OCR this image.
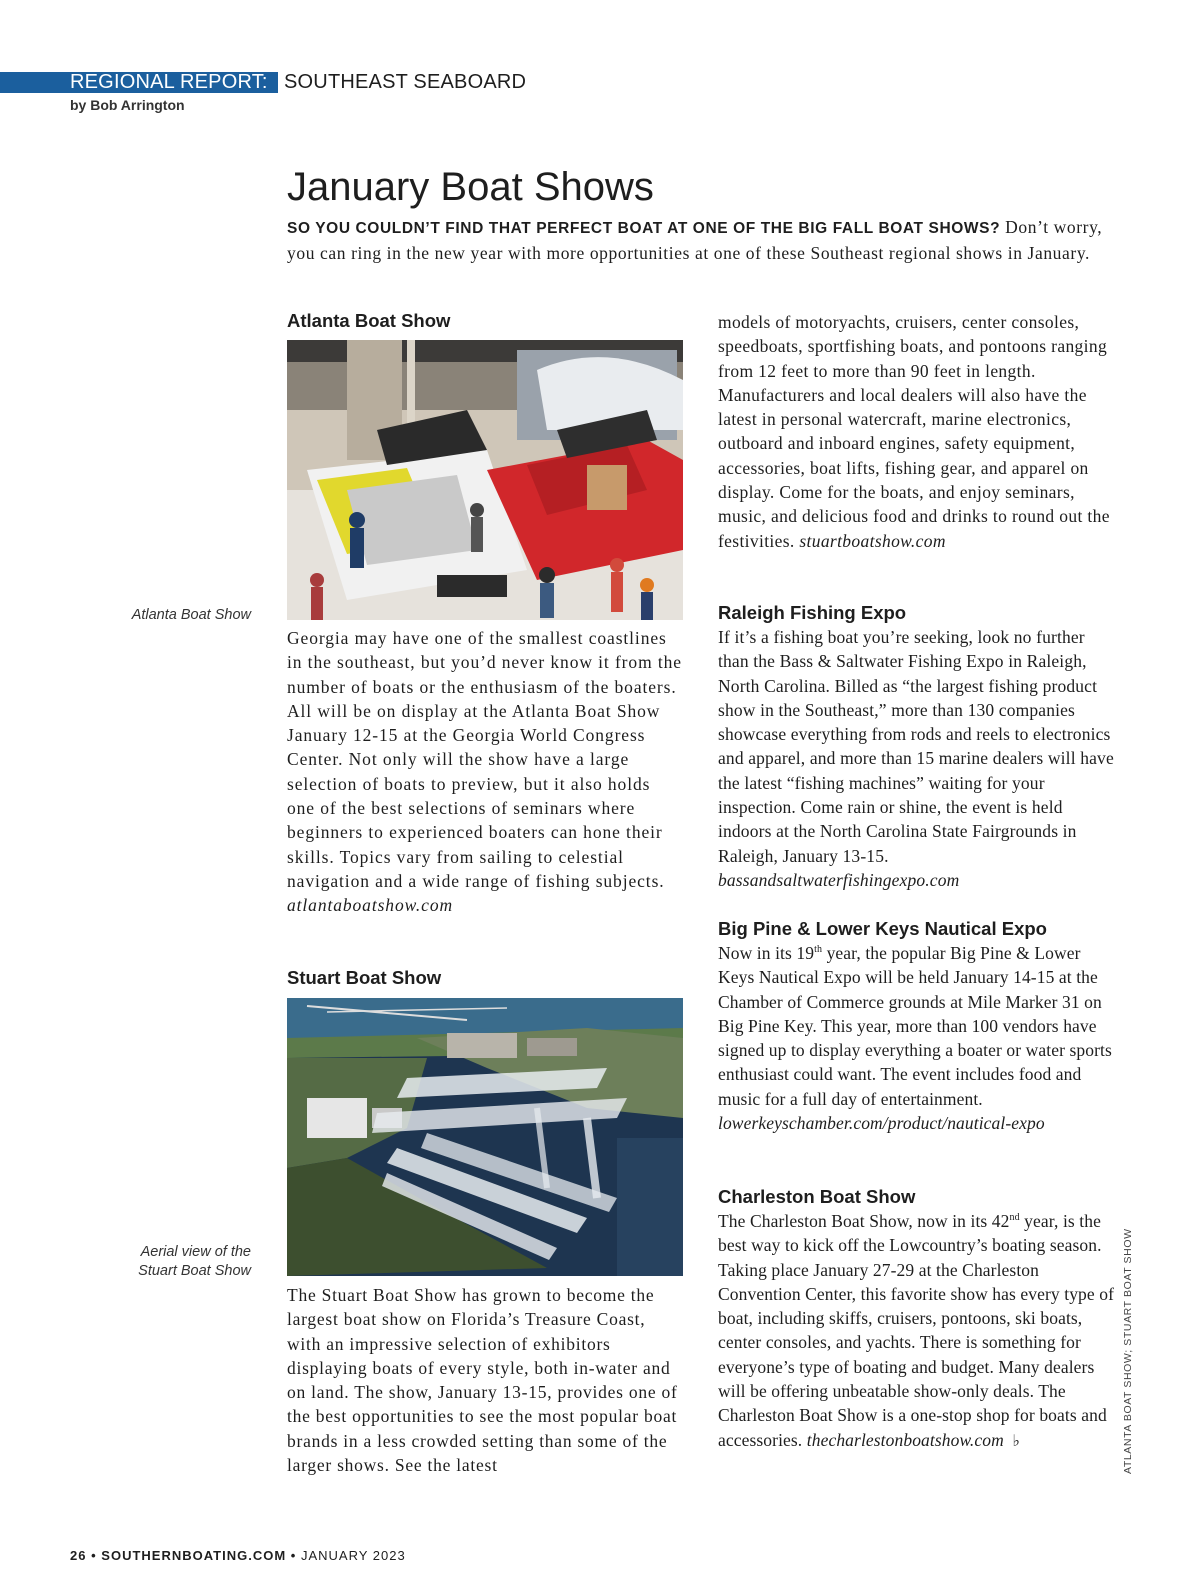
REGIONAL REPORT: SOUTHEAST SEABOARD
by Bob Arrington
January Boat Shows
SO YOU COULDN’T FIND THAT PERFECT BOAT AT ONE OF THE BIG FALL BOAT SHOWS? Don’t worry, you can ring in the new year with more opportunities at one of these Southeast regional shows in January.

Atlanta Boat Show

Atlanta Boat Show

Georgia may have one of the smallest coastlines in the southeast, but you’d never know it from the number of boats or the enthusiasm of the boaters. All will be on display at the Atlanta Boat Show January 12-15 at the Georgia World Congress Center. Not only will the show have a large selection of boats to preview, but it also holds one of the best selections of seminars where beginners to experienced boaters can hone their skills. Topics vary from sailing to celestial navigation and a wide range of fishing subjects. atlantaboatshow.com

Stuart Boat Show

Aerial view of the
Stuart Boat Show

The Stuart Boat Show has grown to become the largest boat show on Florida’s Treasure Coast, with an impressive selection of exhibitors displaying boats of every style, both in-water and on land. The show, January 13-15, provides one of the best opportunities to see the most popular boat brands in a less crowded setting than some of the larger shows. See the latest

models of motoryachts, cruisers, center consoles, speedboats, sportfishing boats, and pontoons ranging from 12 feet to more than 90 feet in length. Manufacturers and local dealers will also have the latest in personal watercraft, marine electronics, outboard and inboard engines, safety equipment, accessories, boat lifts, fishing gear, and apparel on display. Come for the boats, and enjoy seminars, music, and delicious food and drinks to round out the festivities. stuartboatshow.com

Raleigh Fishing Expo

If it’s a fishing boat you’re seeking, look no further than the Bass & Saltwater Fishing Expo in Raleigh, North Carolina. Billed as “the largest fishing product show in the Southeast,” more than 130 companies showcase everything from rods and reels to electronics and apparel, and more than 15 marine dealers will have the latest “fishing machines” waiting for your inspection. Come rain or shine, the event is held indoors at the North Carolina State Fairgrounds in Raleigh, January 13-15. bassandsaltwaterfishingexpo.com

Big Pine & Lower Keys Nautical Expo

Now in its 19th year, the popular Big Pine & Lower Keys Nautical Expo will be held January 14-15 at the Chamber of Commerce grounds at Mile Marker 31 on Big Pine Key. This year, more than 100 vendors have signed up to display everything a boater or water sports enthusiast could want. The event includes food and music for a full day of entertainment. lowerkeyschamber.com/product/nautical-expo

Charleston Boat Show

The Charleston Boat Show, now in its 42nd year, is the best way to kick off the Lowcountry’s boating season. Taking place January 27-29 at the Charleston Convention Center, this favorite show has every type of boat, including skiffs, cruisers, pontoons, ski boats, center consoles, and yachts. There is something for everyone’s type of boating and budget. Many dealers will be offering unbeatable show-only deals. The Charleston Boat Show is a one-stop shop for boats and accessories. thecharlestonboatshow.com ♭	ATLANTA BOAT SHOW; STUART BOAT SHOW
26 • SOUTHERNBOATING.COM • JANUARY 2023
